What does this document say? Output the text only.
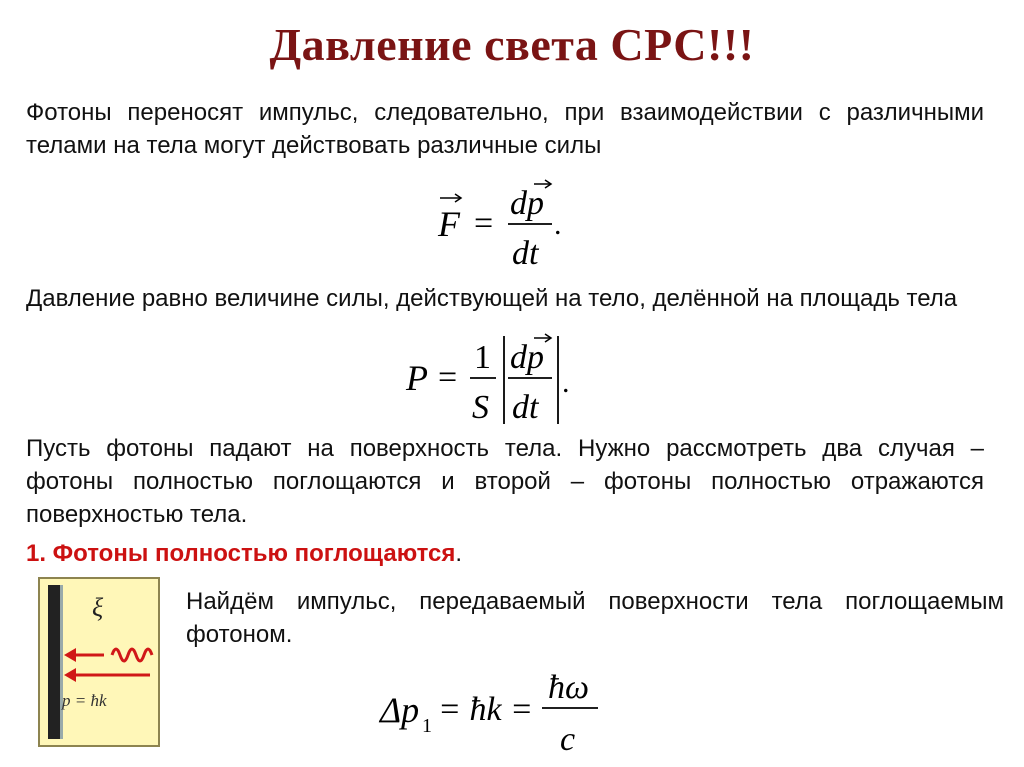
Давление света СРС!!!
Фотоны переносят импульс, следовательно, при взаимодействии с различными телами на тела могут действовать различные силы
F =
dp
dt
.
Давление равно величине силы, действующей на тело, делённой на площадь тела
P =
1
S
dp
dt
.
Пусть фотоны падают на поверхность тела. Нужно рассмотреть два случая – фотоны полностью поглощаются и второй – фотоны полностью отражаются поверхностью тела.
1. Фотоны полностью поглощаются.
ξ
p = ħk
Найдём импульс, передаваемый поверхности тела поглощаемым фотоном.
Δp 1 = ħk =
ħω
c
